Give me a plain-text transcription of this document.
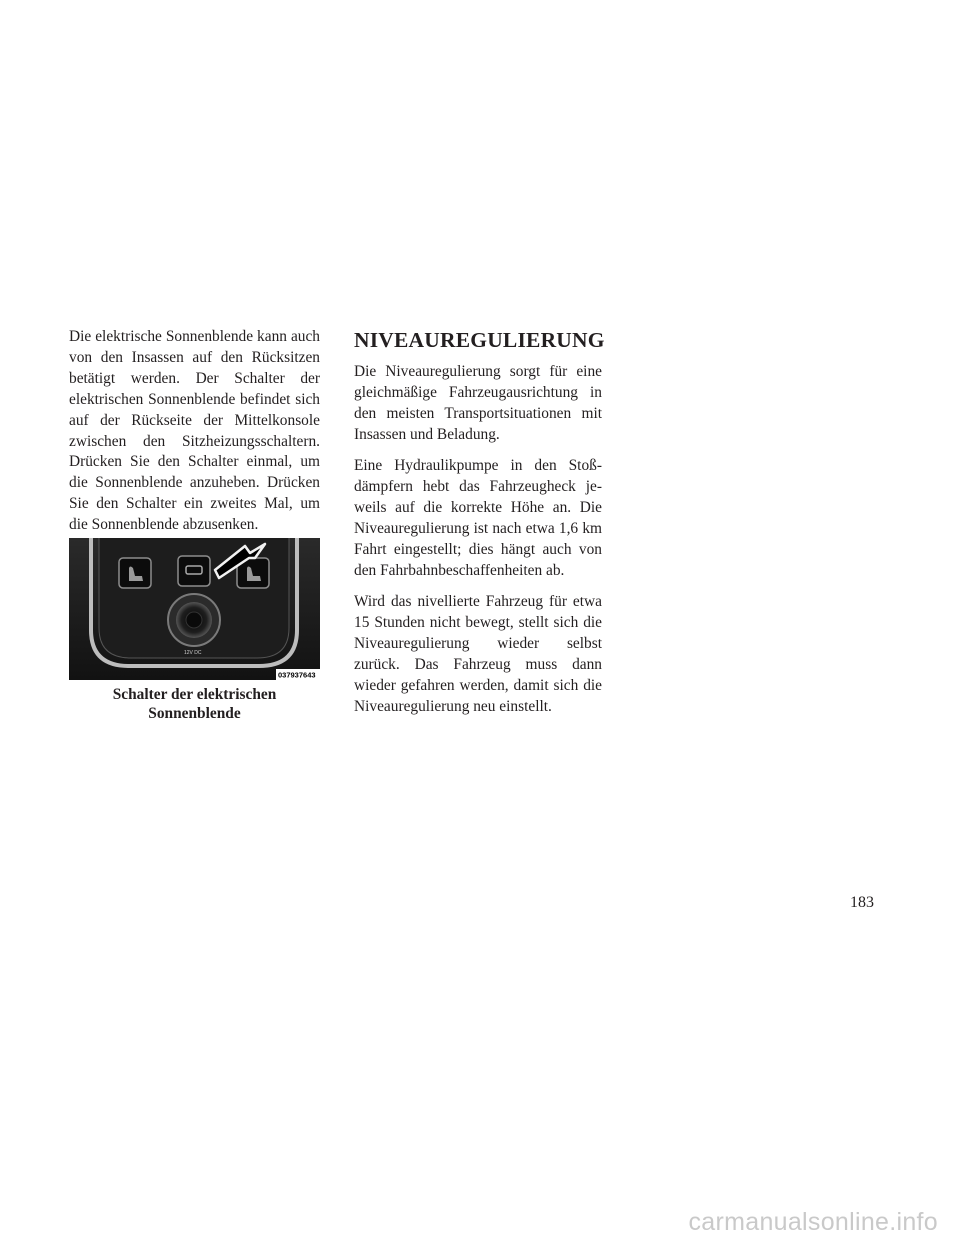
Die elektrische Sonnenblende kann auch von den Insassen auf den Rücksitzen betätigt werden. Der Schalter der elektrischen Sonnenblende befindet sich auf der Rückseite der Mittelkonsole zwischen den Sitzheizungsschaltern. Drücken Sie den Schalter einmal, um die Sonnenblende anzuheben. Drücken Sie den Schalter ein zweites Mal, um die Sonnenblende abzusenken.

12V DC
037937643
Schalter der elektrischen
Sonnenblende
NIVEAUREGULIERUNG

Die Niveauregulierung sorgt für eine gleichmäßige Fahrzeugausrichtung in den meisten Transportsituationen mit Insassen und Beladung.

Eine Hydraulikpumpe in den Stoßdämpfern hebt das Fahrzeugheck jeweils auf die korrekte Höhe an. Die Niveauregulierung ist nach etwa 1,6 km Fahrt eingestellt; dies hängt auch von den Fahrbahnbeschaffenheiten ab.

Wird das nivellierte Fahrzeug für etwa 15 Stunden nicht bewegt, stellt sich die Niveauregulierung wieder selbst zurück. Das Fahrzeug muss dann wieder gefahren werden, damit sich die Niveauregulierung neu einstellt.

183
carmanualsonline.info
